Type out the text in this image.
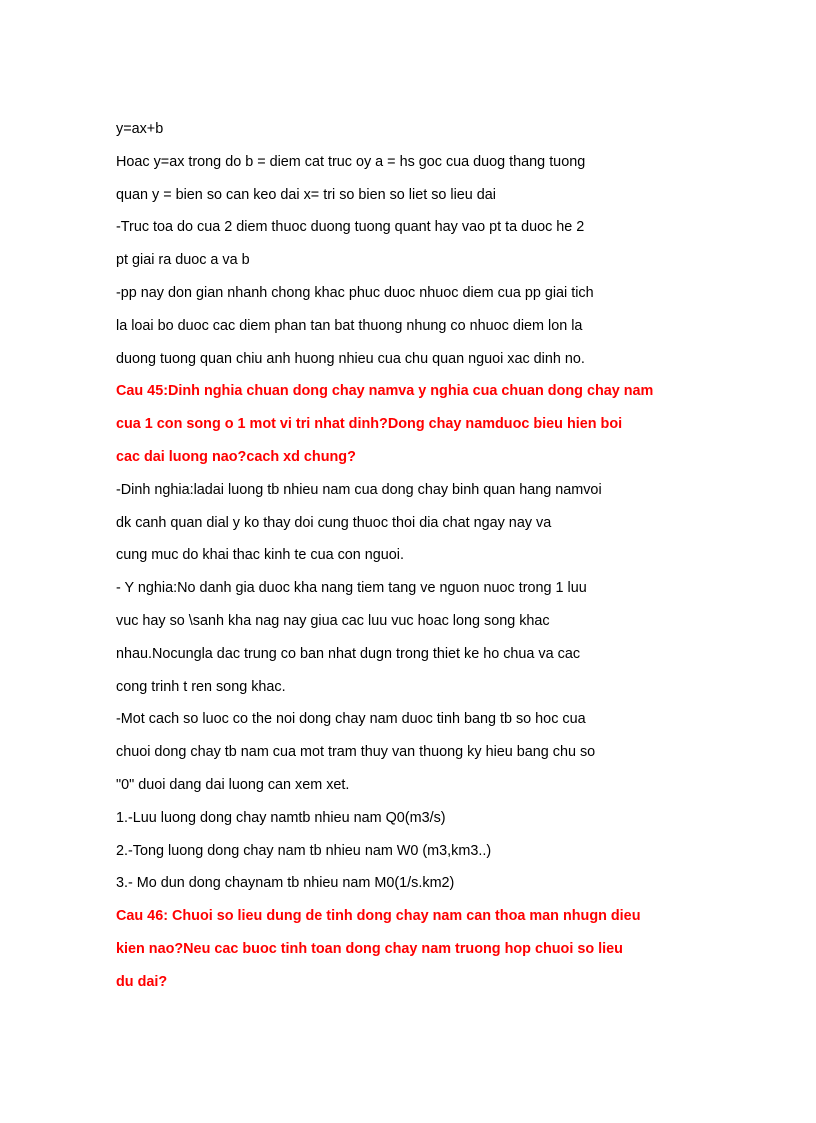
y=ax+b

Hoac y=ax trong do b = diem cat truc oy a = hs goc cua duog thang tuong

quan y = bien so can keo dai x= tri so bien so liet so lieu dai

-Truc toa do cua 2 diem thuoc duong tuong quant hay vao pt ta duoc he 2

pt giai ra duoc a va b

-pp nay don gian nhanh chong khac phuc duoc nhuoc diem cua pp giai tich

la loai bo duoc cac diem phan tan bat thuong nhung co nhuoc diem lon la

duong tuong quan chiu anh huong nhieu cua chu quan nguoi xac dinh no.

Cau 45:Dinh nghia chuan dong chay namva y nghia cua chuan dong chay nam

cua 1 con song o 1 mot vi tri nhat dinh?Dong chay namduoc bieu hien boi

cac dai luong nao?cach xd chung?

-Dinh nghia:ladai luong tb nhieu nam cua dong chay binh quan hang namvoi

dk canh quan dial y ko thay doi cung thuoc thoi dia chat ngay nay va

cung muc do khai thac kinh te cua con nguoi.

- Y nghia:No danh gia duoc kha nang tiem tang ve nguon nuoc trong 1 luu

vuc hay so \sanh kha nag nay giua cac luu vuc hoac long song khac

nhau.Nocungla dac trung co ban nhat dugn trong thiet ke ho chua va cac

cong trinh t ren song khac.

-Mot cach so luoc co the noi dong chay nam duoc tinh bang tb so hoc cua

chuoi dong chay tb nam cua mot tram thuy van thuong ky hieu bang chu so

"0" duoi dang dai luong can xem xet.

1.-Luu luong dong chay namtb nhieu nam Q0(m3/s)

2.-Tong luong dong chay nam tb nhieu nam W0 (m3,km3..)

3.- Mo dun dong chaynam tb nhieu nam M0(1/s.km2)

Cau 46: Chuoi so lieu dung de tinh dong chay nam can thoa man nhugn dieu

kien nao?Neu cac buoc tinh toan dong chay nam truong hop chuoi so lieu

du dai?
